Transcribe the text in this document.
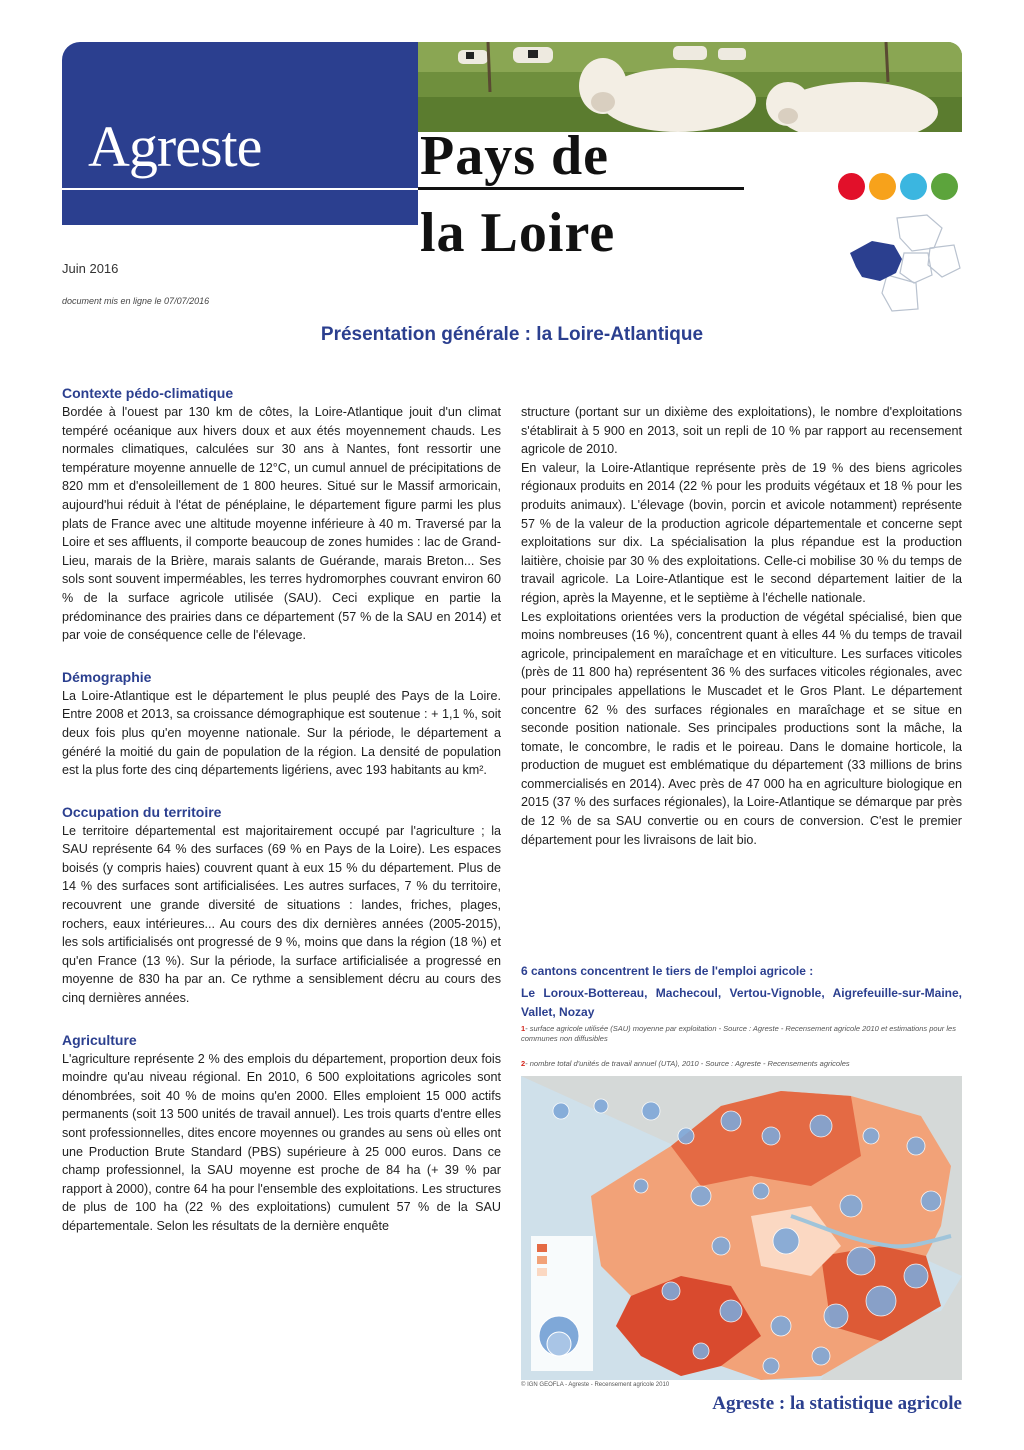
Agreste	Pays de
la Loire
Juin 2016
document mis en ligne le 07/07/2016
Présentation générale : la Loire-Atlantique
Contexte pédo-climatique

Bordée à l'ouest par 130 km de côtes, la Loire-Atlantique jouit d'un climat tempéré océanique aux hivers doux et aux étés moyennement chauds. Les normales climatiques, calculées sur 30 ans à Nantes, font ressortir une température moyenne annuelle de 12°C, un cumul annuel de précipitations de 820 mm et d'ensoleillement de 1 800 heures. Situé sur le Massif armoricain, aujourd'hui réduit à l'état de pénéplaine, le département figure parmi les plus plats de France avec une altitude moyenne inférieure à 40 m. Traversé par la Loire et ses affluents, il comporte beaucoup de zones humides : lac de Grand-Lieu, marais de la Brière, marais salants de Guérande, marais Breton... Ses sols sont souvent imperméables, les terres hydromorphes couvrant environ 60 % de la surface agricole utilisée (SAU). Ceci explique en partie la prédominance des prairies dans ce département (57 % de la SAU en 2014) et par voie de conséquence celle de l'élevage.

Démographie

La Loire-Atlantique est le département le plus peuplé des Pays de la Loire. Entre 2008 et 2013, sa croissance démographique est soutenue : + 1,1 %, soit deux fois plus qu'en moyenne nationale. Sur la période, le département a généré la moitié du gain de population de la région. La densité de population est la plus forte des cinq départements ligériens, avec 193 habitants au km².

Occupation du territoire

Le territoire départemental est majoritairement occupé par l'agriculture ; la SAU représente 64 % des surfaces (69 % en Pays de la Loire). Les espaces boisés (y compris haies) couvrent quant à eux 15 % du département. Plus de 14 % des surfaces sont artificialisées. Les autres surfaces, 7 % du territoire, recouvrent une grande diversité de situations : landes, friches, plages, rochers, eaux intérieures... Au cours des dix dernières années (2005-2015), les sols artificialisés ont progressé de 9 %, moins que dans la région (18 %) et qu'en France (13 %). Sur la période, la surface artificialisée a progressé en moyenne de 830 ha par an. Ce rythme a sensiblement décru au cours des cinq dernières années.

Agriculture

L'agriculture représente 2 % des emplois du département, proportion deux fois moindre qu'au niveau régional. En 2010, 6 500 exploitations agricoles sont dénombrées, soit 40 % de moins qu'en 2000. Elles emploient 15 000 actifs permanents (soit 13 500 unités de travail annuel). Les trois quarts d'entre elles sont professionnelles, dites encore moyennes ou grandes au sens où elles ont une Production Brute Standard (PBS) supérieure à 25 000 euros. Dans ce champ professionnel, la SAU moyenne est proche de 84 ha (+ 39 % par rapport à 2000), contre 64 ha pour l'ensemble des exploitations. Les structures de plus de 100 ha (22 % des exploitations) cumulent 57 % de la SAU départementale. Selon les résultats de la dernière enquête

structure (portant sur un dixième des exploitations), le nombre d'exploitations s'établirait à 5 900 en 2013, soit un repli de 10 % par rapport au recensement agricole de 2010.

En valeur, la Loire-Atlantique représente près de 19 % des biens agricoles régionaux produits en 2014 (22 % pour les produits végétaux et 18 % pour les produits animaux). L'élevage (bovin, porcin et avicole notamment) représente 57 % de la valeur de la production agricole départementale et concerne sept exploitations sur dix. La spécialisation la plus répandue est la production laitière, choisie par 30 % des exploitations. Celle-ci mobilise 30 % du temps de travail agricole. La Loire-Atlantique est le second département laitier de la région, après la Mayenne, et le septième à l'échelle nationale.

Les exploitations orientées vers la production de végétal spécialisé, bien que moins nombreuses (16 %), concentrent quant à elles 44 % du temps de travail agricole, principalement en maraîchage et en viticulture. Les surfaces viticoles (près de 11 800 ha) représentent 36 % des surfaces viticoles régionales, avec pour principales appellations le Muscadet et le Gros Plant. Le département concentre 62 % des surfaces régionales en maraîchage et se situe en seconde position nationale. Ses principales productions sont la mâche, la tomate, le concombre, le radis et le poireau. Dans le domaine horticole, la production de muguet est emblématique du département (33 millions de brins commercialisés en 2014). Avec près de 47 000 ha en agriculture biologique en 2015 (37 % des surfaces régionales), la Loire-Atlantique se démarque par près de 12 % de sa SAU convertie ou en cours de conversion. C'est le premier département pour les livraisons de lait bio.

6 cantons concentrent le tiers de l'emploi agricole :
Le Loroux-Bottereau, Machecoul, Vertou-Vignoble, Aigrefeuille-sur-Maine, Vallet, Nozay
1- surface agricole utilisée (SAU) moyenne par exploitation - Source : Agreste - Recensement agricole 2010 et estimations pour les communes non diffusibles
2- nombre total d'unités de travail annuel (UTA), 2010 - Source : Agreste - Recensements agricoles
© IGN GEOFLA - Agreste - Recensement agricole 2010
Agreste : la statistique agricole
